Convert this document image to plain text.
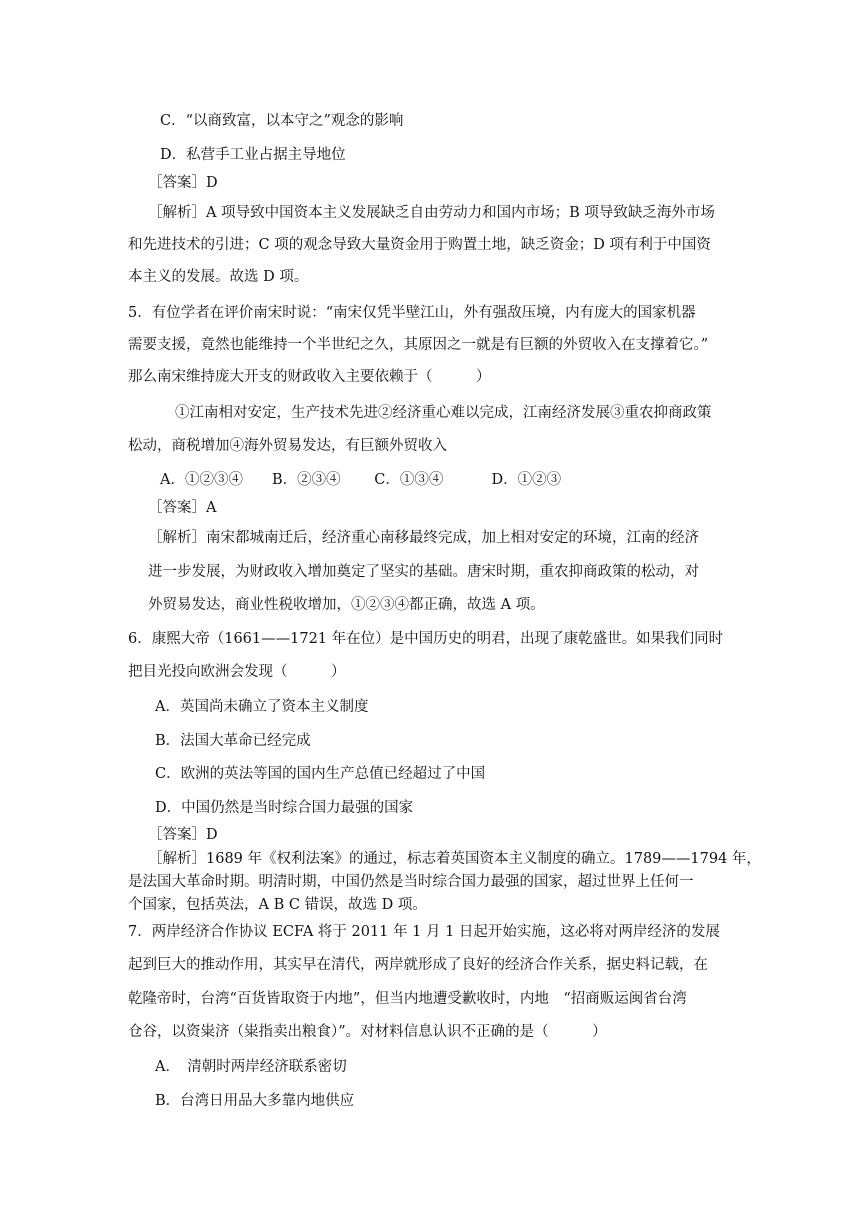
C．“以商致富，以本守之”观念的影响
D．私营手工业占据主导地位
［答案］D
［解析］A 项导致中国资本主义发展缺乏自由劳动力和国内市场；B 项导致缺乏海外市场
和先进技术的引进；C 项的观念导致大量资金用于购置土地，缺乏资金；D 项有利于中国资
本主义的发展。故选 D 项。
5．有位学者在评价南宋时说：“南宋仅凭半壁江山，外有强敌压境，内有庞大的国家机器
需要支援，竟然也能维持一个半世纪之久，其原因之一就是有巨额的外贸收入在支撑着它。”
那么南宋维持庞大开支的财政收入主要依赖于（　　　）
①江南相对安定，生产技术先进②经济重心难以完成，江南经济发展③重农抑商政策
松动，商税增加④海外贸易发达，有巨额外贸收入
A．①②③④　　B．②③④　　 C．①③④　　　 D．①②③
［答案］A
［解析］南宋都城南迁后，经济重心南移最终完成，加上相对安定的环境，江南的经济
进一步发展，为财政收入增加奠定了坚实的基础。唐宋时期，重农抑商政策的松动，对
外贸易发达，商业性税收增加，①②③④都正确，故选 A 项。
6．康熙大帝（1661——1721 年在位）是中国历史的明君，出现了康乾盛世。如果我们同时
把目光投向欧洲会发现（　　　）
A．英国尚未确立了资本主义制度
B．法国大革命已经完成
C．欧洲的英法等国的国内生产总值已经超过了中国
D．中国仍然是当时综合国力最强的国家
［答案］D
［解析］1689 年《权利法案》的通过，标志着英国资本主义制度的确立。1789——1794 年，
是法国大革命时期。明清时期，中国仍然是当时综合国力最强的国家，超过世界上任何一
个国家，包括英法，A B C 错误，故选 D 项。
7．两岸经济合作协议 ECFA 将于 2011 年 1 月 1 日起开始实施，这必将对两岸经济的发展
起到巨大的推动作用，其实早在清代，两岸就形成了良好的经济合作关系，据史料记载，在
乾隆帝时，台湾“百货皆取资于内地”，但当内地遭受歉收时，内地　“招商贩运闽省台湾
仓谷，以资粜济（粜指卖出粮食）”。对材料信息认识不正确的是（　　　）
A．　清朝时两岸经济联系密切
B．台湾日用品大多靠内地供应
